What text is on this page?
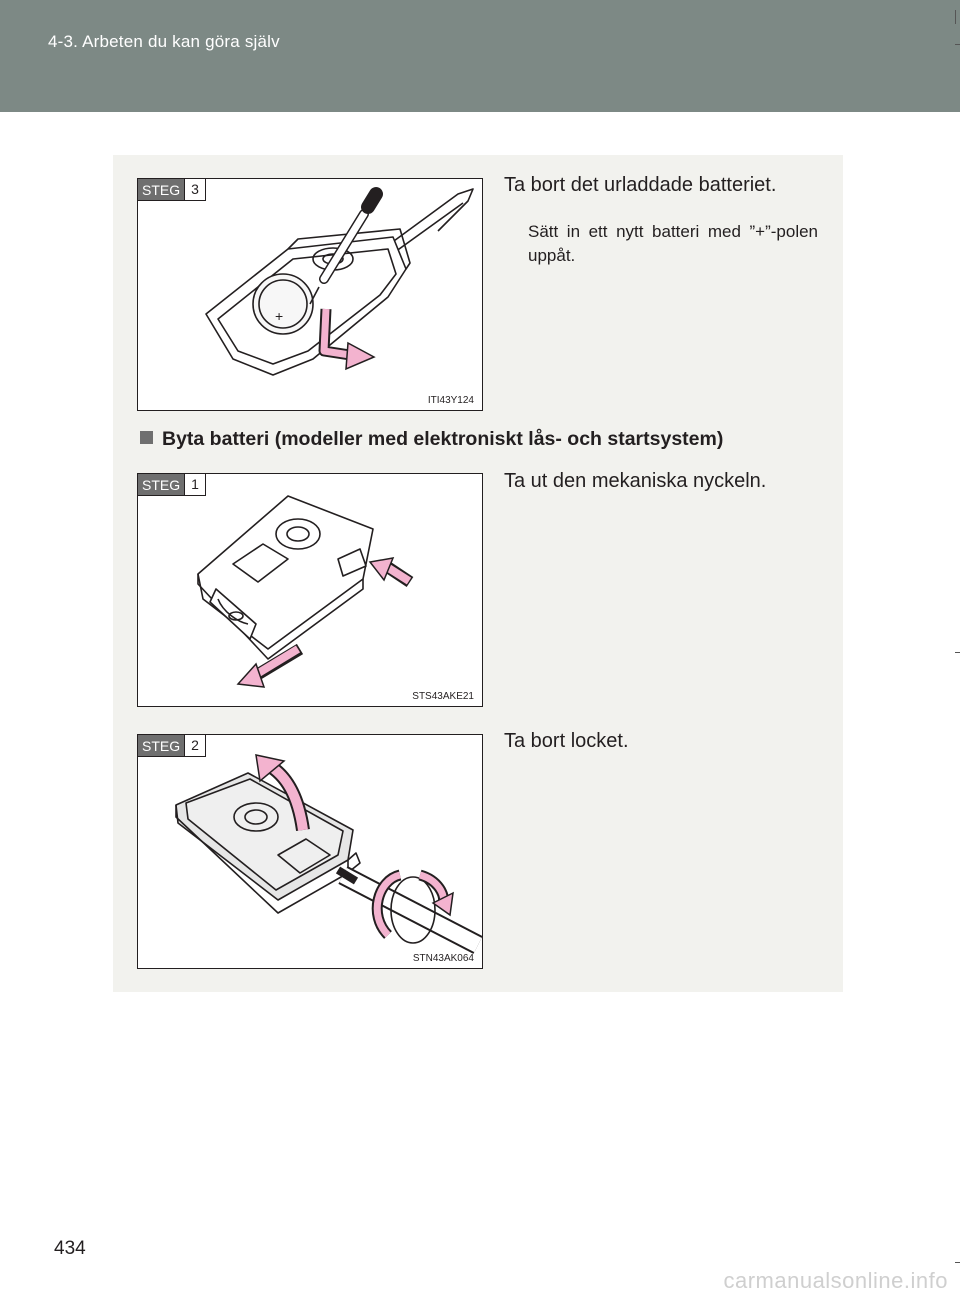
4-3. Arbeten du kan göra själv
+
STEG 3
ITI43Y124
Ta bort det urladdade batteriet.
Sätt in ett nytt batteri med ”+”-polen uppåt.
Byta batteri (modeller med elektroniskt lås- och startsystem)
STEG 1
STS43AKE21
Ta ut den mekaniska nyckeln.
STEG 2
STN43AK064
Ta bort locket.
434
carmanualsonline.info
